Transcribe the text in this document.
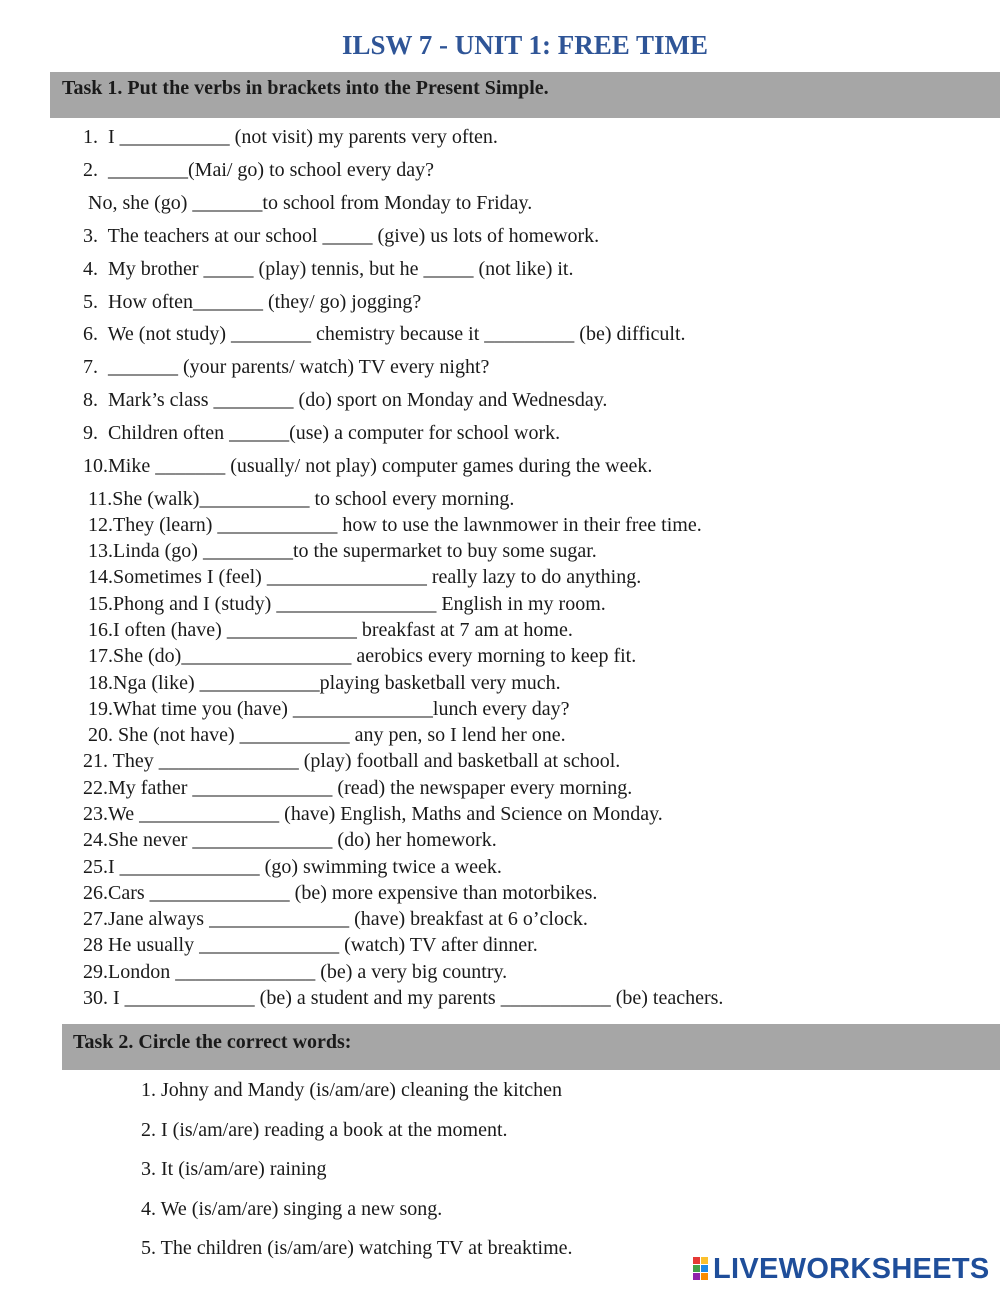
ILSW 7 - UNIT 1: FREE TIME
Task 1. Put the verbs in brackets into the Present Simple.
1.  I ___________ (not visit) my parents very often.
2.  ________(Mai/ go) to school every day?
No, she (go) _______to school from Monday to Friday.
3.  The teachers at our school _____ (give) us lots of homework.
4.  My brother _____ (play) tennis, but he _____ (not like) it.
5.  How often_______ (they/ go) jogging?
6.  We (not study) ________ chemistry because it _________ (be) difficult.
7.  _______ (your parents/ watch) TV every night?
8.  Mark’s class ________ (do) sport on Monday and Wednesday.
9.  Children often ______(use) a computer for school work.
10.Mike _______ (usually/ not play) computer games during the week.
11.She (walk)___________ to school every morning.
12.They (learn) ____________ how to use the lawnmower in their free time.
13.Linda (go) _________to the supermarket to buy some sugar.
14.Sometimes I (feel) ________________ really lazy to do anything.
15.Phong and I (study) ________________ English in my room.
16.I often (have) _____________ breakfast at 7 am at home.
17.She (do)_________________ aerobics every morning to keep fit.
18.Nga (like) ____________playing basketball very much.
19.What time you (have) ______________lunch every day?
20. She (not have) ___________ any pen, so I lend her one.
21. They ______________ (play) football and basketball at school.
22.My father ______________ (read) the newspaper every morning.
23.We ______________ (have) English, Maths and Science on Monday.
24.She never ______________ (do) her homework.
25.I ______________ (go) swimming twice a week.
26.Cars ______________ (be) more expensive than motorbikes.
27.Jane always ______________ (have) breakfast at 6 o’clock.
28 He usually ______________ (watch) TV after dinner.
29.London ______________ (be) a very big country.
30. I _____________ (be) a student and my parents ___________ (be) teachers.
Task 2. Circle the correct words:
1. Johny and Mandy (is/am/are) cleaning the kitchen
2. I (is/am/are) reading a book at the moment.
3. It (is/am/are) raining
4. We (is/am/are) singing a new song.
5. The children (is/am/are) watching TV at breaktime.
LIVEWORKSHEETS
